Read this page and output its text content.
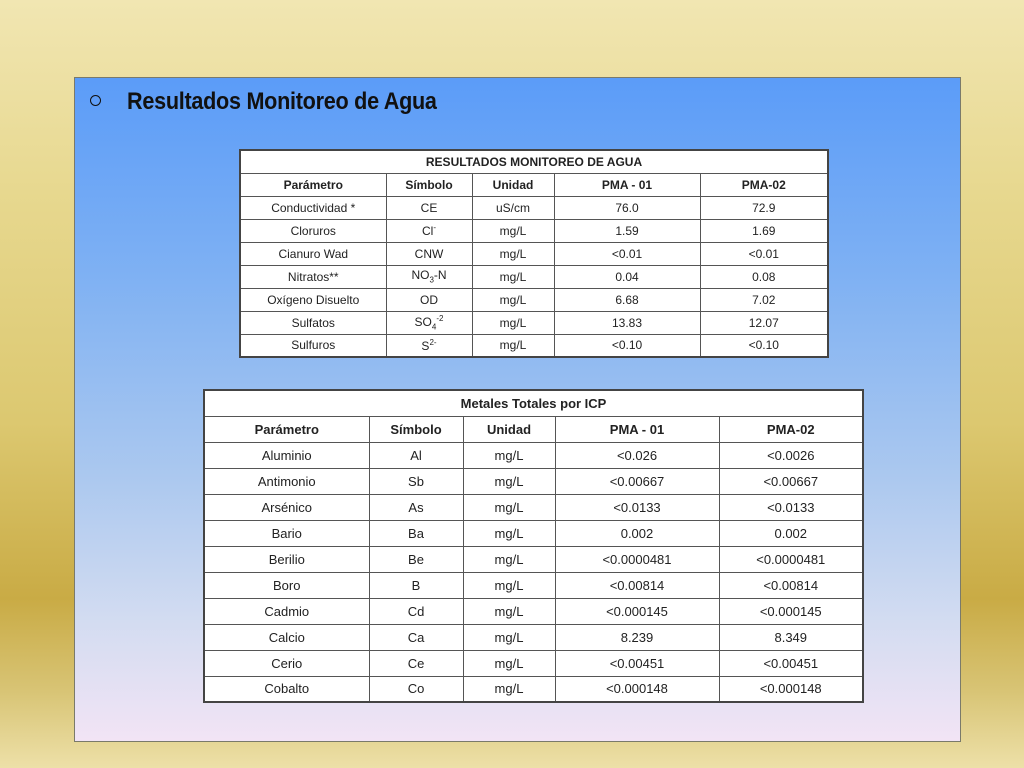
Resultados Monitoreo de Agua
RESULTADOS MONITOREO DE AGUA				
Parámetro	Símbolo	Unidad	PMA - 01	PMA-02
Conductividad *	CE	uS/cm	76.0	72.9
Cloruros	Cl-	mg/L	1.59	1.69
Cianuro Wad	CNW	mg/L	<0.01	<0.01
Nitratos**	$NO_3-N$	mg/L	0.04	0.08
Oxígeno Disuelto	OD	mg/L	6.68	7.02
Sulfatos	$SO_4^{-2}$	mg/L	13.83	12.07
Sulfuros	$S^{2-}$	mg/L	<0.10	<0.10
Metales Totales por ICP				
Parámetro	Símbolo	Unidad	PMA - 01	PMA-02
Aluminio	Al	mg/L	<0.026	<0.0026
Antimonio	Sb	mg/L	<0.00667	<0.00667
Arsénico	As	mg/L	<0.0133	<0.0133
Bario	Ba	mg/L	0.002	0.002
Berilio	Be	mg/L	<0.0000481	<0.0000481
Boro	B	mg/L	<0.00814	<0.00814
Cadmio	Cd	mg/L	<0.000145	<0.000145
Calcio	Ca	mg/L	8.239	8.349
Cerio	Ce	mg/L	<0.00451	<0.00451
Cobalto	Co	mg/L	<0.000148	<0.000148
